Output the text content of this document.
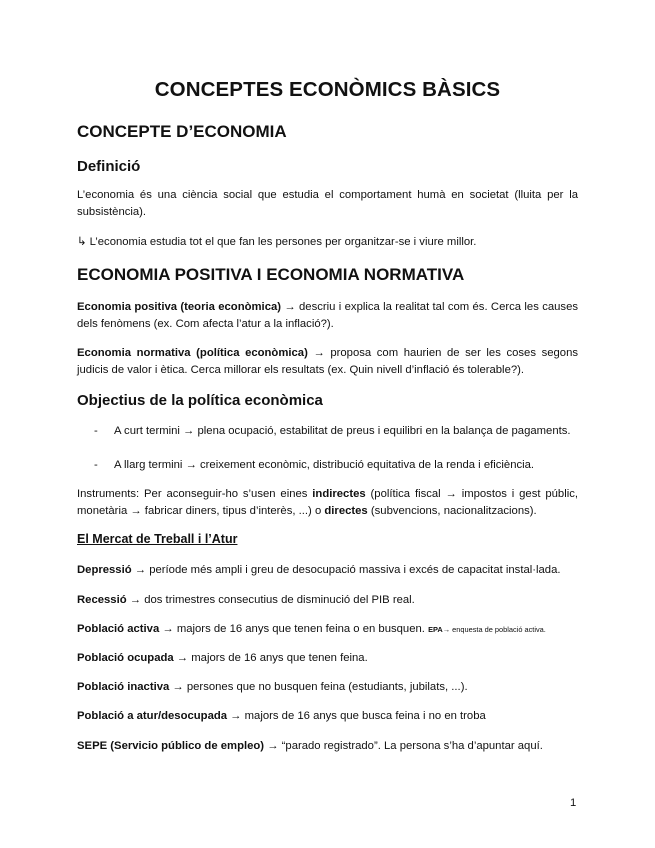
CONCEPTES ECONÒMICS BÀSICS
CONCEPTE D’ECONOMIA
Definició
L’economia és una ciència social que estudia el comportament humà en societat (lluita per la subsistència).
↳ L’economia estudia tot el que fan les persones per organitzar-se i viure millor.
ECONOMIA POSITIVA I ECONOMIA NORMATIVA
Economia positiva (teoria econòmica) → descriu i explica la realitat tal com és. Cerca les causes dels fenòmens (ex. Com afecta l’atur a la inflació?).
Economia normativa (política econòmica) → proposa com haurien de ser les coses segons judicis de valor i ètica. Cerca millorar els resultats (ex. Quin nivell d’inflació és tolerable?).
Objectius de la política econòmica
- A curt termini → plena ocupació, estabilitat de preus i equilibri en la balança de pagaments.
- A llarg termini → creixement econòmic, distribució equitativa de la renda i eficiència.
Instruments: Per aconseguir-ho s’usen eines indirectes (política fiscal → impostos i gest públic, monetària → fabricar diners, tipus d’interès, ...) o directes (subvencions, nacionalitzacions).
El Mercat de Treball i l’Atur
Depressió → període més ampli i greu de desocupació massiva i excés de capacitat instal·lada.
Recessió → dos trimestres consecutius de disminució del PIB real.
Població activa → majors de 16 anys que tenen feina o en busquen. EPA→ enquesta de població activa.
Població ocupada → majors de 16 anys que tenen feina.
Població inactiva → persones que no busquen feina (estudiants, jubilats, ...).
Població a atur/desocupada → majors de 16 anys que busca feina i no en troba
SEPE (Servicio público de empleo) → “parado registrado”. La persona s’ha d’apuntar aquí.
1
